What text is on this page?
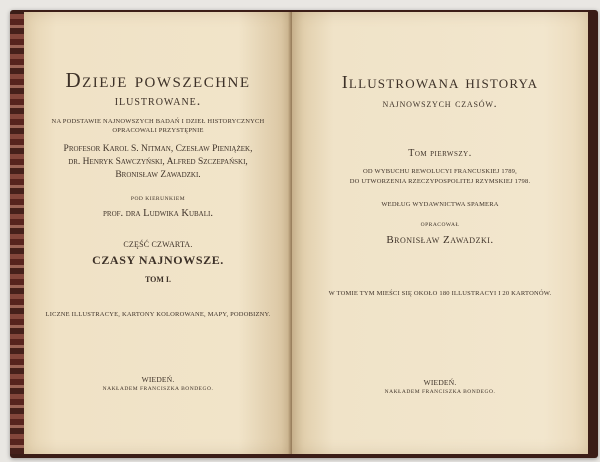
Dzieje powszechne
ilustrowane.
NA PODSTAWIE NAJNOWSZYCH BADAŃ I DZIEŁ HISTORYCZNYCH
OPRACOWALI PRZYSTĘPNIE
Profesor Karol S. Nitman, Czesław Pieniążek,
dr. Henryk Sawczyński, Alfred Szczepański,
Bronisław Zawadzki.
POD KIERUNKIEM
prof. dra Ludwika Kubali.
CZĘŚĆ CZWARTA.
CZASY NAJNOWSZE.
TOM I.
LICZNE ILLUSTRACYE, KARTONY KOLOROWANE, MAPY, PODOBIZNY.
WIEDEŃ.
NAKŁADEM FRANCISZKA BONDEGO.
Illustrowana historya
najnowszych czasów.
Tom pierwszy.
OD WYBUCHU REWOLUCYI FRANCUSKIEJ 1789,
DO UTWORZENIA RZECZYPOSPOLITEJ RZYMSKIEJ 1798.
WEDŁUG WYDAWNICTWA SPAMERA
OPRACOWAŁ
Bronisław Zawadzki.
W TOMIE TYM MIEŚCI SIĘ OKOŁO 180 ILLUSTRACYI I 20 KARTONÓW.
WIEDEŃ.
NAKŁADEM FRANCISZKA BONDEGO.
